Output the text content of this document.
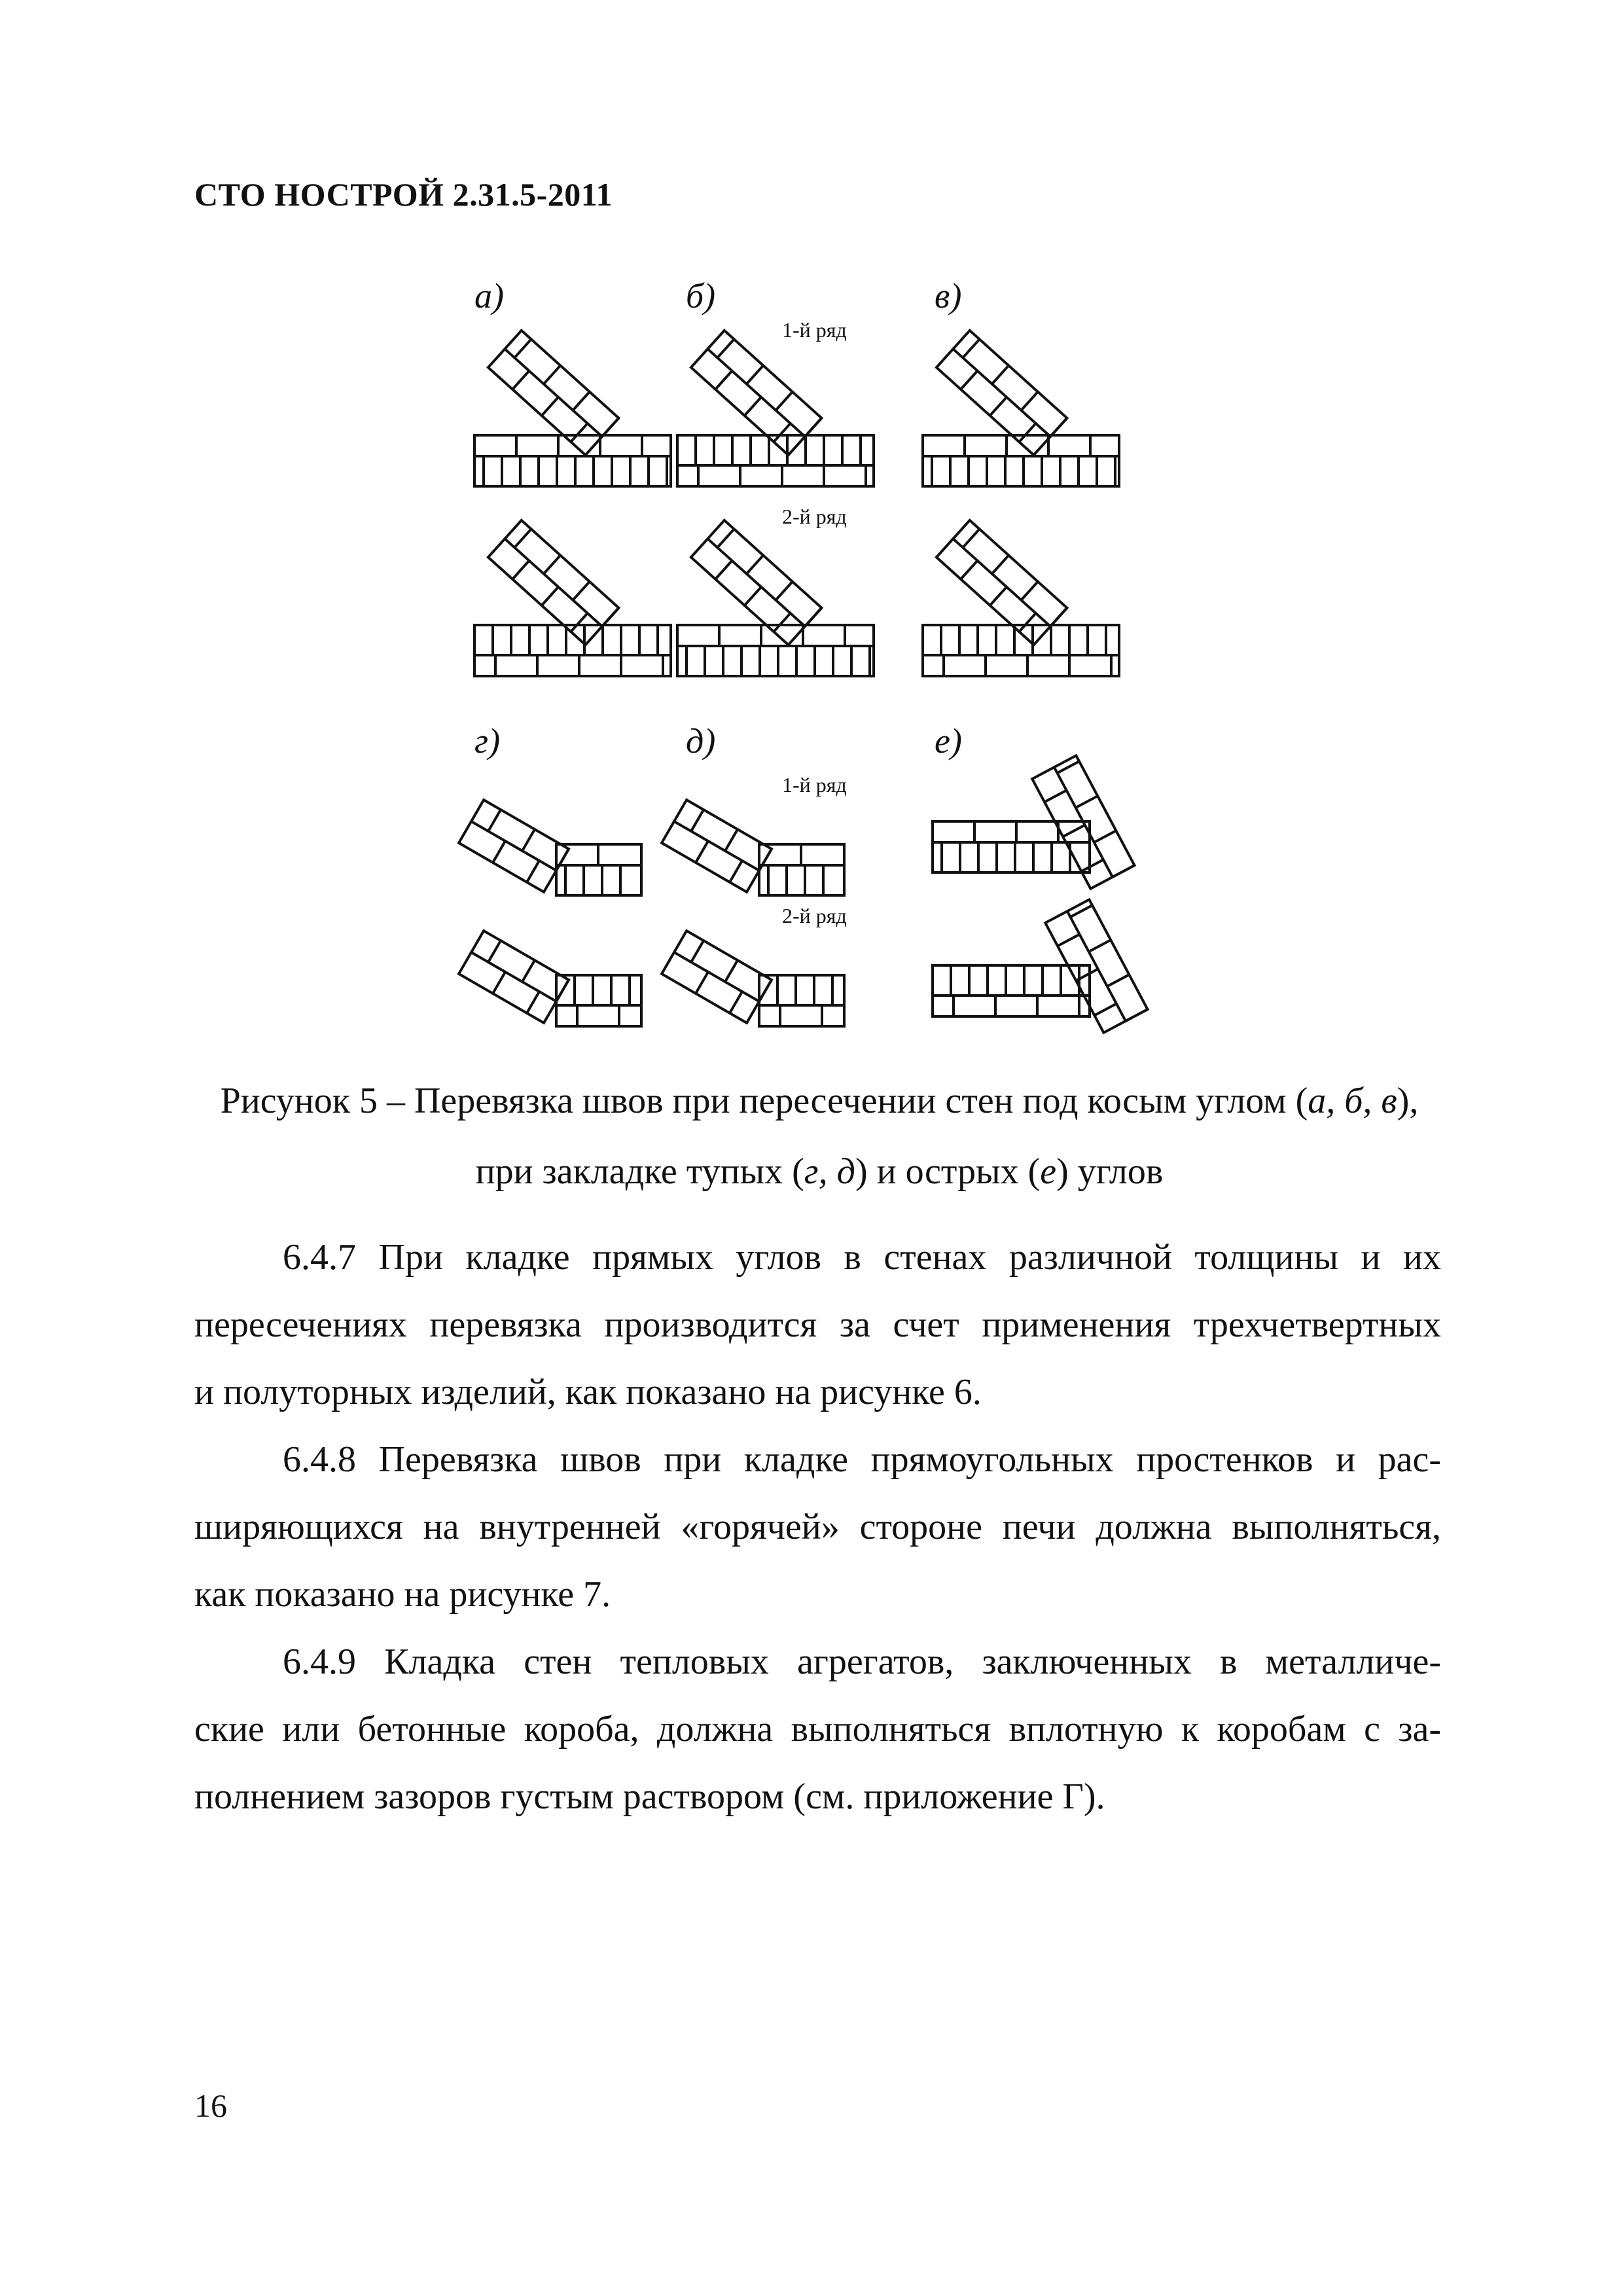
СТО НОСТРОЙ 2.31.5-2011
а)	б)	в)
1-й ряд
2-й ряд
г)	д)	е)
1-й ряд
2-й ряд
Рисунок 5 – Перевязка швов при пересечении стен под косым углом (а, б, в),
при закладке тупых (г, д) и острых (е) углов
6.4.7 При кладке прямых углов в стенах различной толщины и их
пересечениях перевязка производится за счет применения трехчетвертных
и полуторных изделий, как показано на рисунке 6.
6.4.8 Перевязка швов при кладке прямоугольных простенков и рас-
ширяющихся на внутренней «горячей» стороне печи должна выполняться,
как показано на рисунке 7.
6.4.9 Кладка стен тепловых агрегатов, заключенных в металличе-
ские или бетонные короба, должна выполняться вплотную к коробам с за-
полнением зазоров густым раствором (см. приложение Г).
16
